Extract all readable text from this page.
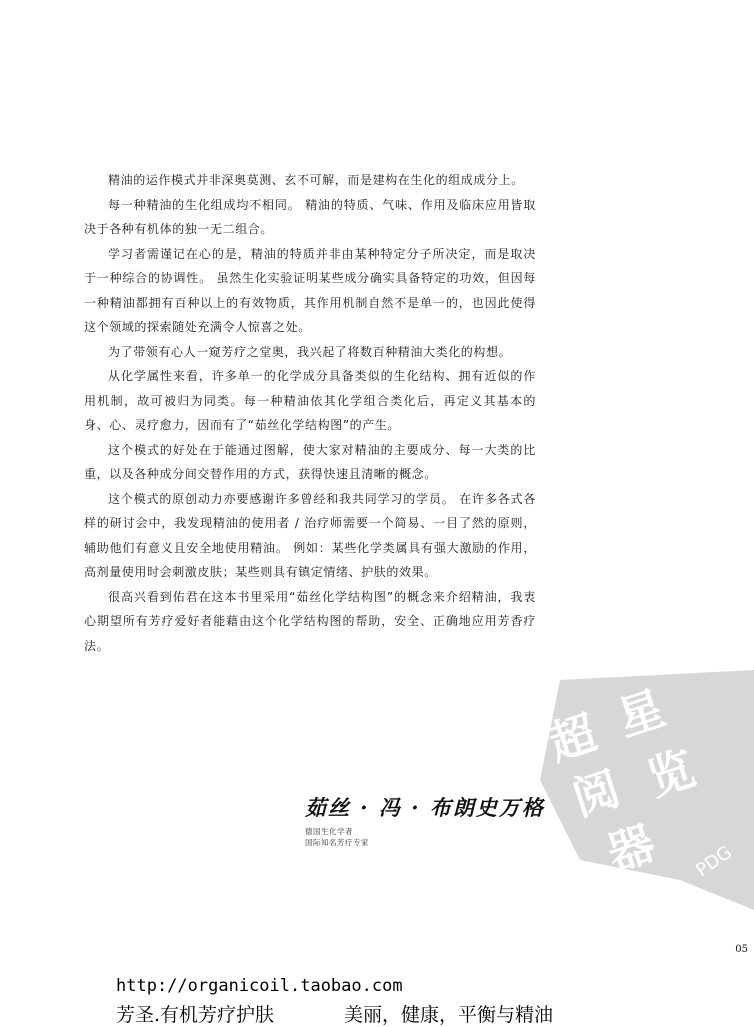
精油的运作模式并非深奥莫测、玄不可解，而是建构在生化的组成成分上。

每一种精油的生化组成均不相同。 精油的特质、气味、作用及临床应用皆取决于各种有机体的独一无二组合。

学习者需谨记在心的是，精油的特质并非由某种特定分子所决定，而是取决于一种综合的协调性。 虽然生化实验证明某些成分确实具备特定的功效，但因每一种精油都拥有百种以上的有效物质，其作用机制自然不是单一的，也因此使得这个领域的探索随处充满令人惊喜之处。

为了带领有心人一窥芳疗之堂奥，我兴起了将数百种精油大类化的构想。

从化学属性来看，许多单一的化学成分具备类似的生化结构、拥有近似的作用机制，故可被归为同类。每一种精油依其化学组合类化后，再定义其基本的身、心、灵疗愈力，因而有了“茹丝化学结构图”的产生。

这个模式的好处在于能通过图解，使大家对精油的主要成分、每一大类的比重，以及各种成分间交替作用的方式，获得快速且清晰的概念。

这个模式的原创动力亦要感谢许多曾经和我共同学习的学员。 在许多各式各样的研讨会中，我发现精油的使用者 / 治疗师需要一个简易、一目了然的原则，辅助他们有意义且安全地使用精油。 例如：某些化学类属具有强大激励的作用，高剂量使用时会刺激皮肤；某些则具有镇定情绪、护肤的效果。

很高兴看到佑君在这本书里采用“茹丝化学结构图”的概念来介绍精油，我衷心期望所有芳疗爱好者能藉由这个化学结构图的帮助，安全、正确地应用芳香疗法。

茹丝 · 冯 · 布朗史万格
德国生化学者
国际知名芳疗专家
超 星
阅 览
器 PDG
05
http://organicoil.taobao.com
芳圣.有机芳疗护肤	美丽，健康，平衡与精油
